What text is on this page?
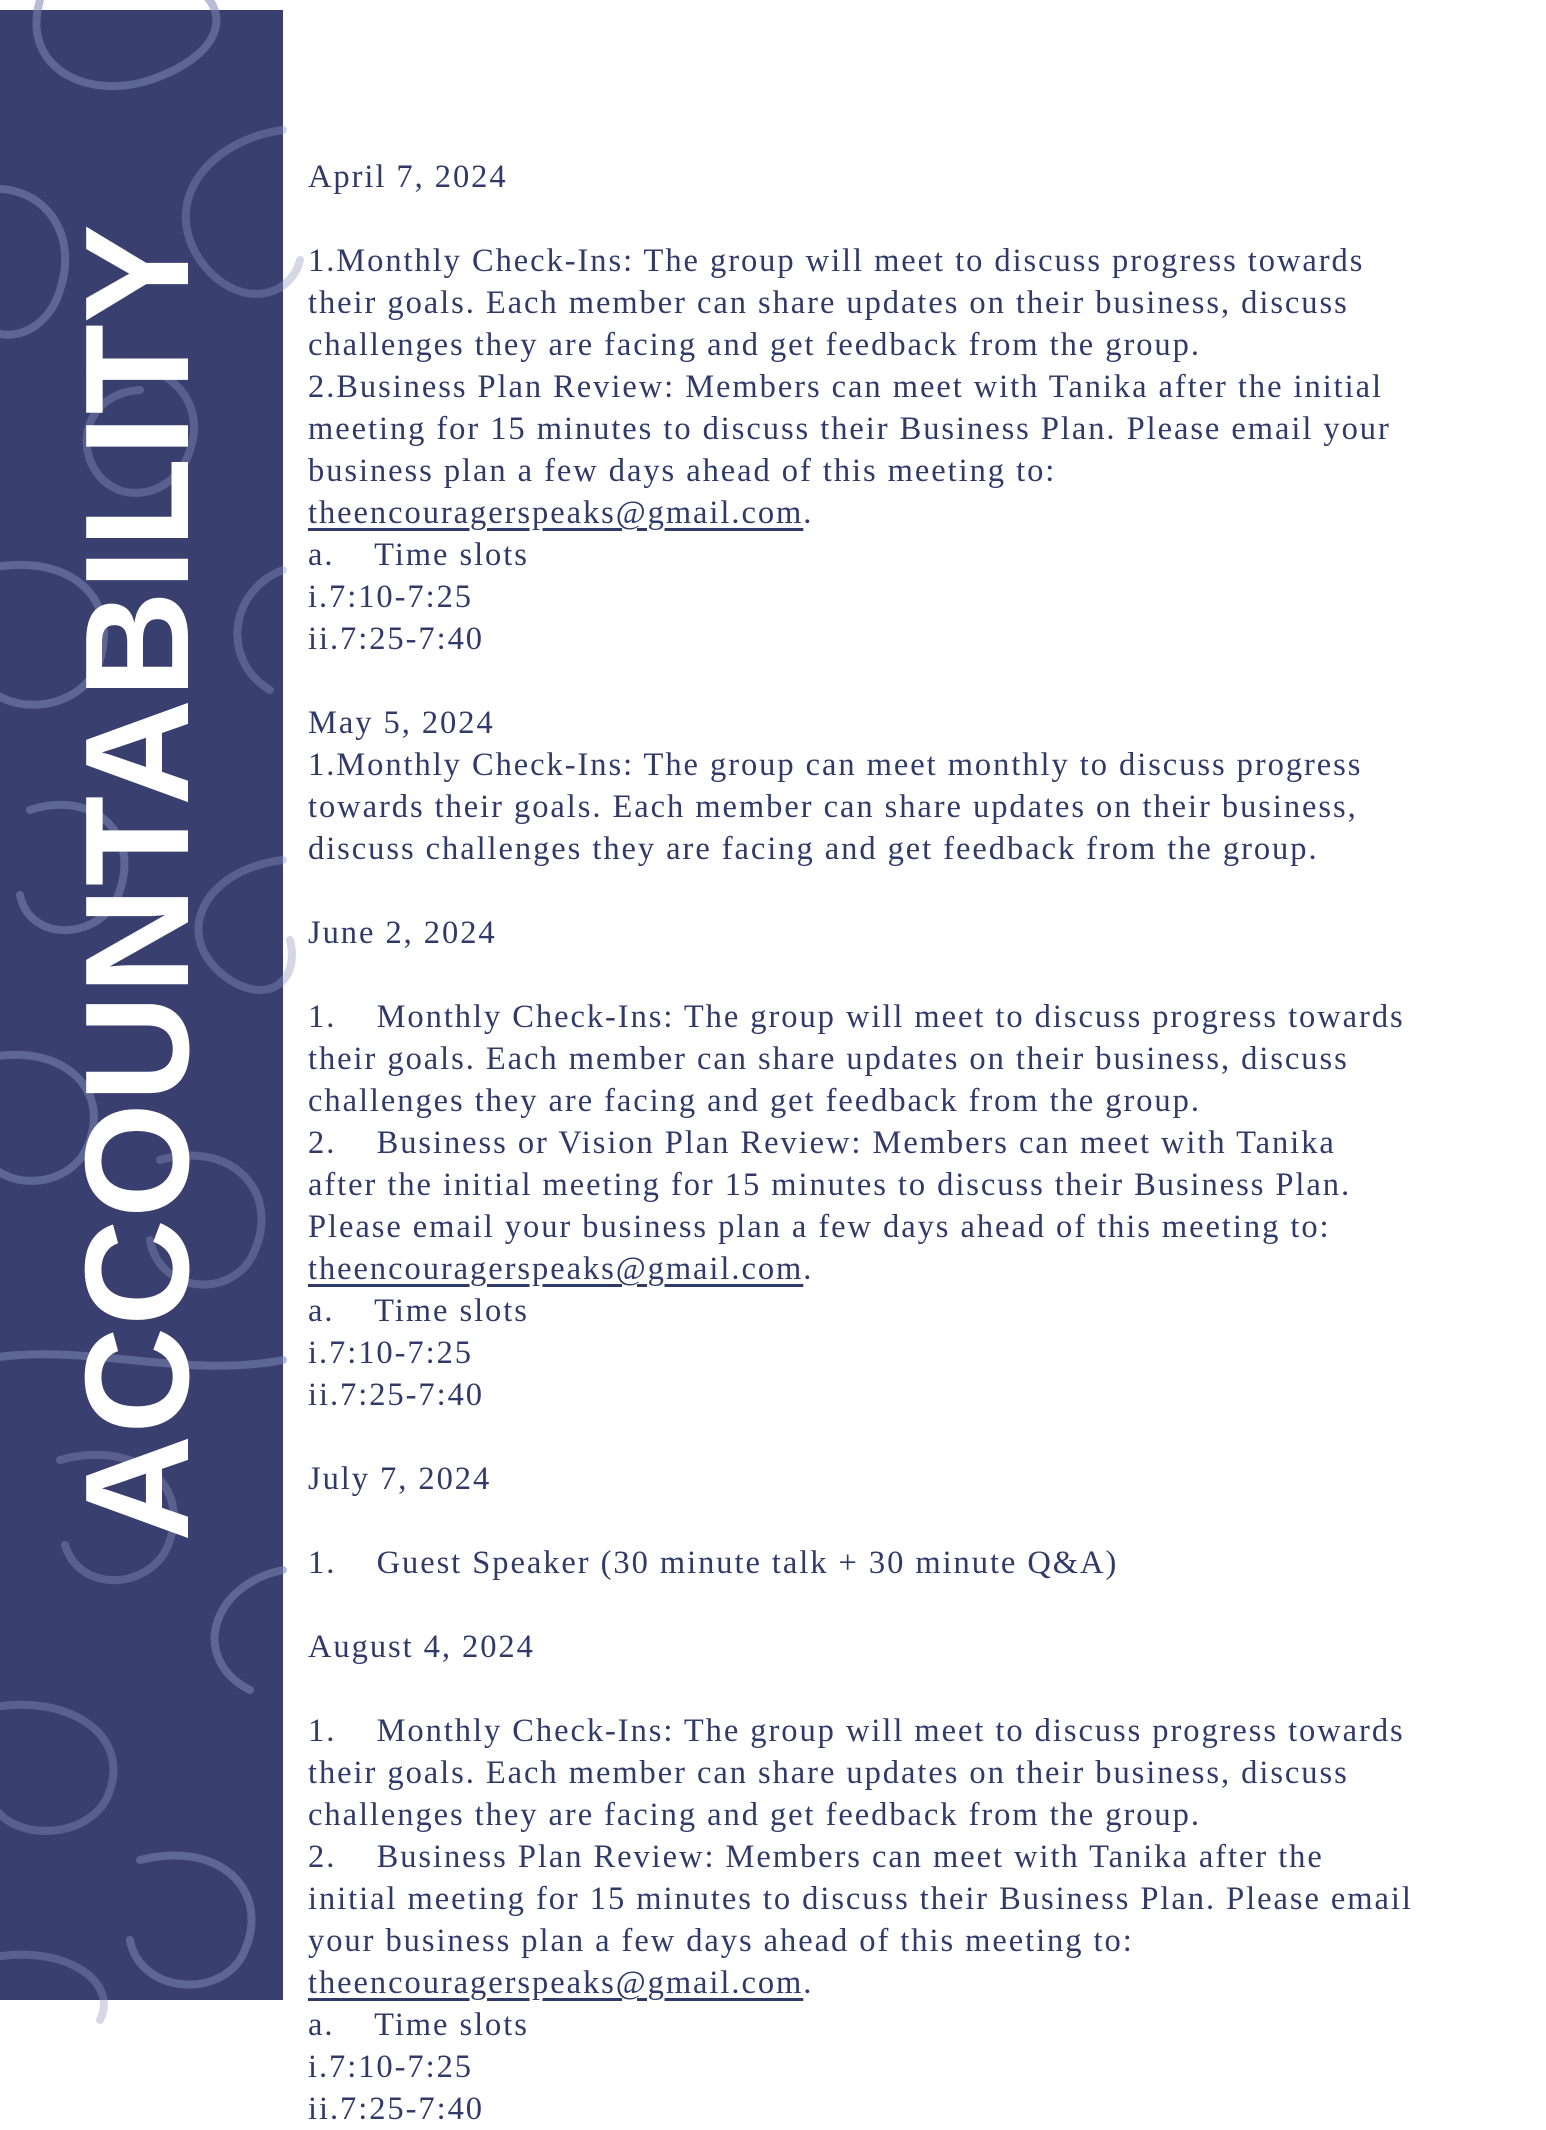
ACCOUNTABILITY

April 7, 2024
1.Monthly Check-Ins: The group will meet to discuss progress towards
their goals. Each member can share updates on their business, discuss
challenges they are facing and get feedback from the group.
2.Business Plan Review: Members can meet with Tanika after the initial
meeting for 15 minutes to discuss their Business Plan. Please email your
business plan a few days ahead of this meeting to:
theencouragerspeaks@gmail.com.
a.    Time slots
i.7:10-7:25
ii.7:25-7:40
May 5, 2024
1.Monthly Check-Ins: The group can meet monthly to discuss progress
towards their goals. Each member can share updates on their business,
discuss challenges they are facing and get feedback from the group.
June 2, 2024
1.    Monthly Check-Ins: The group will meet to discuss progress towards
their goals. Each member can share updates on their business, discuss
challenges they are facing and get feedback from the group.
2.    Business or Vision Plan Review: Members can meet with Tanika
after the initial meeting for 15 minutes to discuss their Business Plan.
Please email your business plan a few days ahead of this meeting to:
theencouragerspeaks@gmail.com.
a.    Time slots
i.7:10-7:25
ii.7:25-7:40
July 7, 2024
1.    Guest Speaker (30 minute talk + 30 minute Q&A)
August 4, 2024
1.    Monthly Check-Ins: The group will meet to discuss progress towards
their goals. Each member can share updates on their business, discuss
challenges they are facing and get feedback from the group.
2.    Business Plan Review: Members can meet with Tanika after the
initial meeting for 15 minutes to discuss their Business Plan. Please email
your business plan a few days ahead of this meeting to:
theencouragerspeaks@gmail.com.
a.    Time slots
i.7:10-7:25
ii.7:25-7:40
